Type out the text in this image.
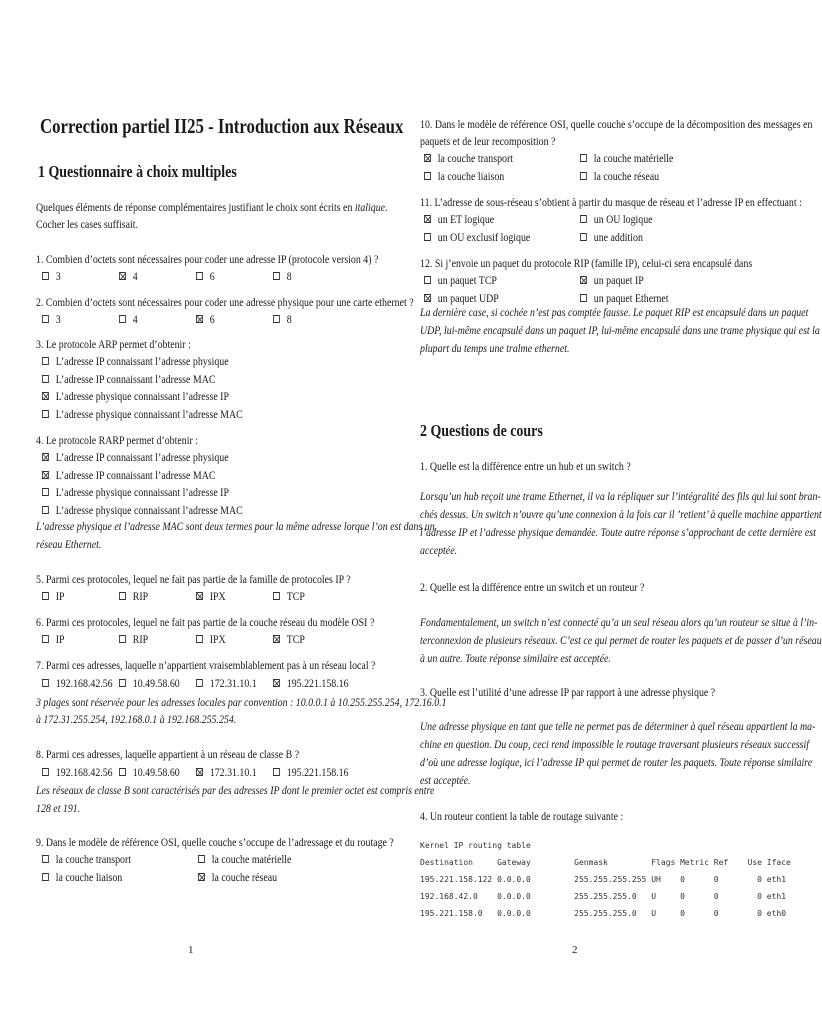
Correction partiel II25 - Introduction aux Réseaux
1 Questionnaire à choix multiples
Quelques éléments de réponse complémentaires justifiant le choix sont écrits en italique.
Cocher les cases suffisait.
1. Combien d’octets sont nécessaires pour coder une adresse IP (protocole version 4) ?
2. Combien d’octets sont nécessaires pour coder une adresse physique pour une carte ethernet ?
3. Le protocole ARP permet d’obtenir :
4. Le protocole RARP permet d’obtenir :
L’adresse physique et l’adresse MAC sont deux termes pour la même adresse lorque l’on est dans un
réseau Ethernet.
5. Parmi ces protocoles, lequel ne fait pas partie de la famille de protocoles IP ?
6. Parmi ces protocoles, lequel ne fait pas partie de la couche réseau du modèle OSI ?
7. Parmi ces adresses, laquelle n’appartient vraisemblablement pas à un réseau local ?
3 plages sont réservée pour les adresses locales par convention : 10.0.0.1 à 10.255.255.254, 172.16.0.1
à 172.31.255.254, 192.168.0.1 à 192.168.255.254.
8. Parmi ces adresses, laquelle appartient à un réseau de classe B ?
Les réseaux de classe B sont caractérisés par des adresses IP dont le premier octet est compris entre
128 et 191.
9. Dans le modèle de référence OSI, quelle couche s’occupe de l’adressage et du routage ?
1
10. Dans le modèle de référence OSI, quelle couche s’occupe de la décomposition des messages en
paquets et de leur recomposition ?
11. L’adresse de sous-réseau s’obtient à partir du masque de réseau et l’adresse IP en effectuant :
12. Si j’envoie un paquet du protocole RIP (famille IP), celui-ci sera encapsulé dans
La dernière case, si cochée n’est pas comptée fausse. Le paquet RIP est encapsulé dans un paquet
UDP, lui-même encapsulé dans un paquet IP, lui-même encapsulé dans une trame physique qui est la
plupart du temps une tralme ethernet.
2 Questions de cours
1. Quelle est la différence entre un hub et un switch ?
2. Quelle est la différence entre un switch et un routeur ?
3. Quelle est l’utilité d’une adresse IP par rapport à une adresse physique ?
4. Un routeur contient la table de routage suivante :
2
3	4	6	8
3	4	6	8
L’adresse IP connaissant l’adresse physique
L’adresse IP connaissant l’adresse MAC
L’adresse physique connaissant l’adresse IP
L’adresse physique connaissant l’adresse MAC
L’adresse IP connaissant l’adresse physique
L’adresse IP connaissant l’adresse MAC
L’adresse physique connaissant l’adresse IP
L’adresse physique connaissant l’adresse MAC
IP	RIP	IPX	TCP
IP	RIP	IPX	TCP
192.168.42.56	10.49.58.60	172.31.10.1	195.221.158.16
192.168.42.56	10.49.58.60	172.31.10.1	195.221.158.16
la couche transport	la couche matérielle
la couche liaison	la couche réseau
la couche transport	la couche matérielle
la couche liaison	la couche réseau
un ET logique	un OU logique
un OU exclusif logique	une addition
un paquet TCP	un paquet IP
un paquet UDP	un paquet Ethernet
Lorsqu’un hub reçoit une trame Ethernet, il va la répliquer sur l’intégralité des fils qui lui sont bran-
chés dessus. Un switch n’ouvre qu’une connexion à la fois car il ’retient’ à quelle machine appartient
l’adresse IP et l’adresse physique demandée. Toute autre réponse s’approchant de cette dernière est
acceptée.
Fondamentalement, un switch n’est connecté qu’a un seul réseau alors qu’un routeur se situe à l’in-
terconnexion de plusieurs réseaux. C’est ce qui permet de router les paquets et de passer d’un réseau
à un autre. Toute réponse similaire est acceptée.
Une adresse physique en tant que telle ne permet pas de déterminer à quel réseau appartient la ma-
chine en question. Du coup, ceci rend impossible le routage traversant plusieurs réseaux successif
d’où une adresse logique, ici l’adresse IP qui permet de router les paquets. Toute réponse similaire
est acceptée.
Kernel IP routing table
Destination     Gateway         Genmask         Flags Metric Ref    Use Iface
195.221.158.122 0.0.0.0         255.255.255.255 UH    0      0        0 eth1
192.168.42.0    0.0.0.0         255.255.255.0   U     0      0        0 eth1
195.221.158.0   0.0.0.0         255.255.255.0   U     0      0        0 eth0
